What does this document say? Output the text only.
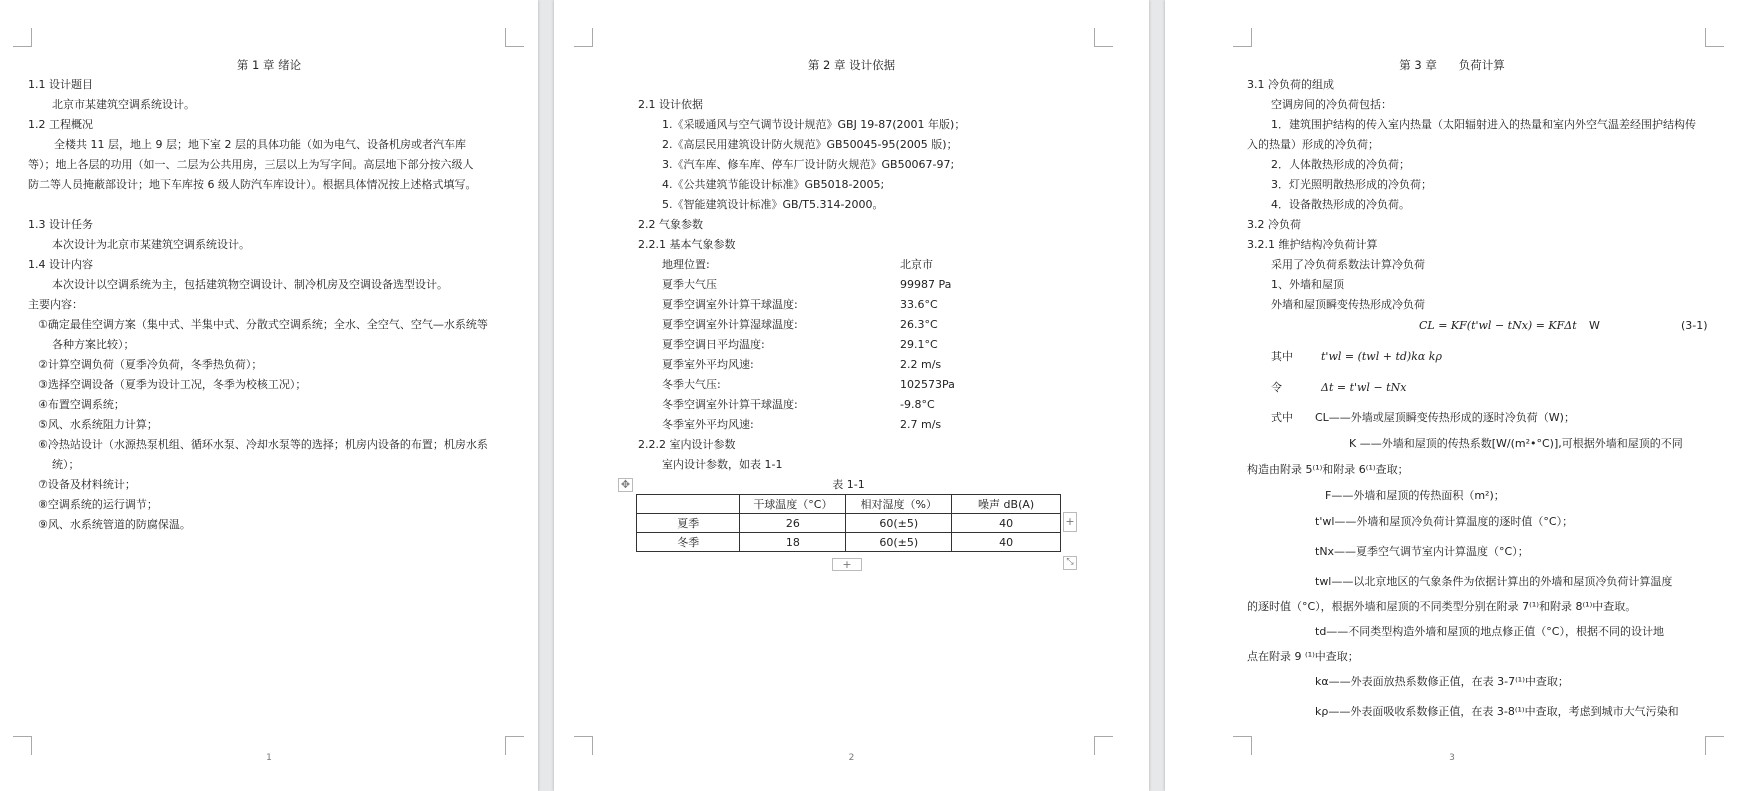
第 1 章 绪论
1.1 设计题目
北京市某建筑空调系统设计。
1.2 工程概况
全楼共 11 层，地上 9 层；地下室 2 层的具体功能（如为电气、设备机房或者汽车库等）；地上各层的功用（如一、二层为公共用房，三层以上为写字间。高层地下部分按六级人防二等人员掩蔽部设计；地下车库按 6 级人防汽车库设计）。根据具体情况按上述格式填写。
1.3 设计任务
本次设计为北京市某建筑空调系统设计。
1.4 设计内容
本次设计以空调系统为主，包括建筑物空调设计、制冷机房及空调设备选型设计。
主要内容：
①确定最佳空调方案（集中式、半集中式、分散式空调系统；全水、全空气、空气—水系统等各种方案比较）；
②计算空调负荷（夏季冷负荷，冬季热负荷）；
③选择空调设备（夏季为设计工况，冬季为校核工况）；
④布置空调系统；
⑤风、水系统阻力计算；
⑥冷热站设计（水源热泵机组、循环水泵、冷却水泵等的选择；机房内设备的布置；机房水系统）；
⑦设备及材料统计；
⑧空调系统的运行调节；
⑨风、水系统管道的防腐保温。
1
第 2 章 设计依据
2.1 设计依据
1.《采暖通风与空气调节设计规范》GBJ 19-87(2001 年版)；
2.《高层民用建筑设计防火规范》GB50045-95(2005 版)；
3.《汽车库、修车库、停车厂设计防火规范》GB50067-97;
4.《公共建筑节能设计标准》GB5018-2005;
5.《智能建筑设计标准》GB/T5.314-2000。
2.2 气象参数
2.2.1 基本气象参数
地理位置:	北京市
夏季大气压	99987 Pa
夏季空调室外计算干球温度:	33.6°C
夏季空调室外计算湿球温度:	26.3°C
夏季空调日平均温度:	29.1°C
夏季室外平均风速:	2.2 m/s
冬季大气压:	102573Pa
冬季空调室外计算干球温度:	-9.8°C
冬季室外平均风速:	2.7 m/s
2.2.2 室内设计参数
室内设计参数，如表 1-1
✥	表 1-1
	干球温度（°C）	相对湿度（%）	噪声 dB(A)
夏季	26	60(±5)	40
冬季	18	60(±5)	40
+
+	⤡
2
第 3 章      负荷计算
3.1 冷负荷的组成
空调房间的冷负荷包括：
1．建筑围护结构的传入室内热量（太阳辐射进入的热量和室内外空气温差经围护结构传入的热量）形成的冷负荷；
2．人体散热形成的冷负荷；
3．灯光照明散热形成的冷负荷；
4．设备散热形成的冷负荷。
3.2 冷负荷
3.2.1 维护结构冷负荷计算
采用了冷负荷系数法计算冷负荷
1、外墙和屋顶
外墙和屋顶瞬变传热形成冷负荷
CL = KF(t'wl − tNx) = KFΔt W	(3-1)
其中	t'wl = (twl + td)kα kρ
令	Δt = t'wl − tNx
式中 CL——外墙或屋顶瞬变传热形成的逐时冷负荷（W)；
K ——外墙和屋顶的传热系数[W/(m²•°C)],可根据外墙和屋顶的不同
构造由附录 5⁽¹⁾和附录 6⁽¹⁾查取；
F——外墙和屋顶的传热面积（m²)；
t'wl——外墙和屋顶冷负荷计算温度的逐时值（°C）；
tNx——夏季空气调节室内计算温度（°C）；
twl——以北京地区的气象条件为依据计算出的外墙和屋顶冷负荷计算温度
的逐时值（°C），根据外墙和屋顶的不同类型分别在附录 7⁽¹⁾和附录 8⁽¹⁾中查取。
td——不同类型构造外墙和屋顶的地点修正值（°C），根据不同的设计地
点在附录 9 ⁽¹⁾中查取；
kα——外表面放热系数修正值，在表 3-7⁽¹⁾中查取；
kρ——外表面吸收系数修正值，在表 3-8⁽¹⁾中查取，考虑到城市大气污染和
3
